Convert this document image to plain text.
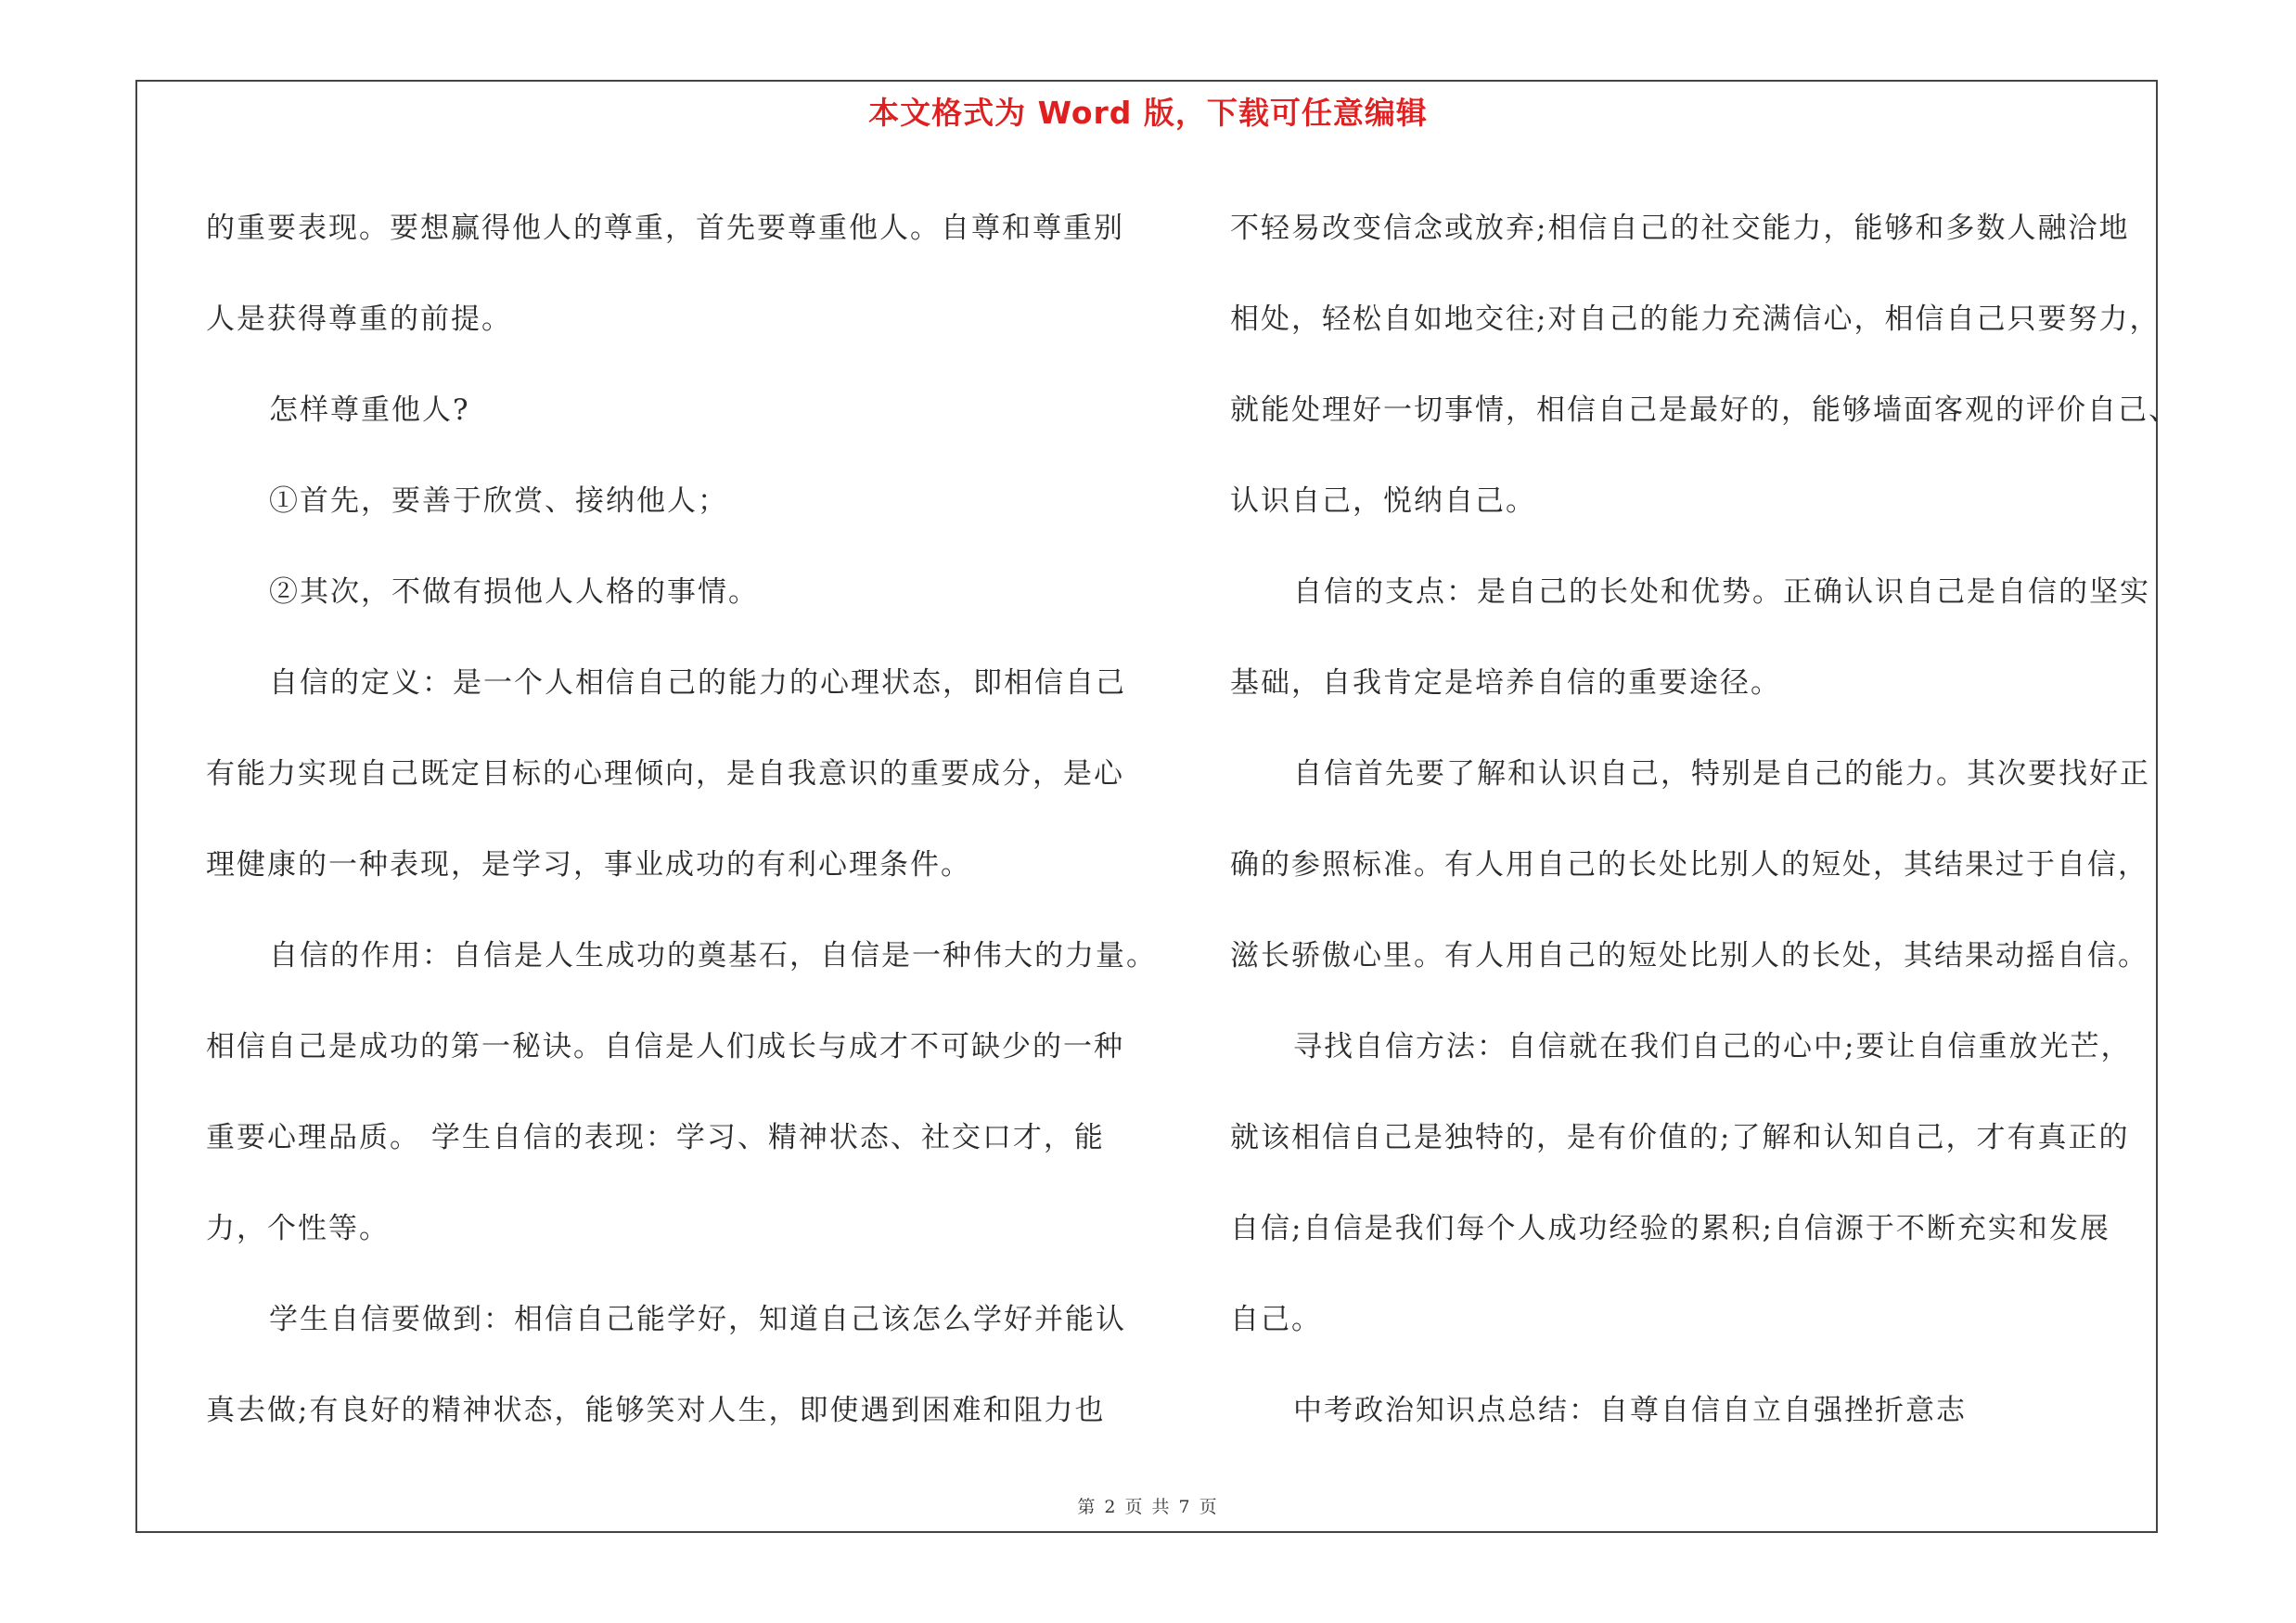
本文格式为 Word 版，下载可任意编辑
的重要表现。要想赢得他人的尊重，首先要尊重他人。自尊和尊重别
人是获得尊重的前提。
怎样尊重他人?
①首先，要善于欣赏、接纳他人；
②其次，不做有损他人人格的事情。
自信的定义：是一个人相信自己的能力的心理状态，即相信自己
有能力实现自己既定目标的心理倾向，是自我意识的重要成分，是心
理健康的一种表现，是学习，事业成功的有利心理条件。
自信的作用：自信是人生成功的奠基石，自信是一种伟大的力量。
相信自己是成功的第一秘诀。自信是人们成长与成才不可缺少的一种
重要心理品质。 学生自信的表现：学习、精神状态、社交口才，能
力，个性等。
学生自信要做到：相信自己能学好，知道自己该怎么学好并能认
真去做;有良好的精神状态，能够笑对人生，即使遇到困难和阻力也
不轻易改变信念或放弃;相信自己的社交能力，能够和多数人融洽地
相处，轻松自如地交往;对自己的能力充满信心，相信自己只要努力，
就能处理好一切事情，相信自己是最好的，能够墙面客观的评价自己、
认识自己，悦纳自己。
自信的支点：是自己的长处和优势。正确认识自己是自信的坚实
基础，自我肯定是培养自信的重要途径。
自信首先要了解和认识自己，特别是自己的能力。其次要找好正
确的参照标准。有人用自己的长处比别人的短处，其结果过于自信，
滋长骄傲心里。有人用自己的短处比别人的长处，其结果动摇自信。
寻找自信方法：自信就在我们自己的心中;要让自信重放光芒，
就该相信自己是独特的，是有价值的;了解和认知自己，才有真正的
自信;自信是我们每个人成功经验的累积;自信源于不断充实和发展
自己。
中考政治知识点总结：自尊自信自立自强挫折意志
第 2 页 共 7 页
